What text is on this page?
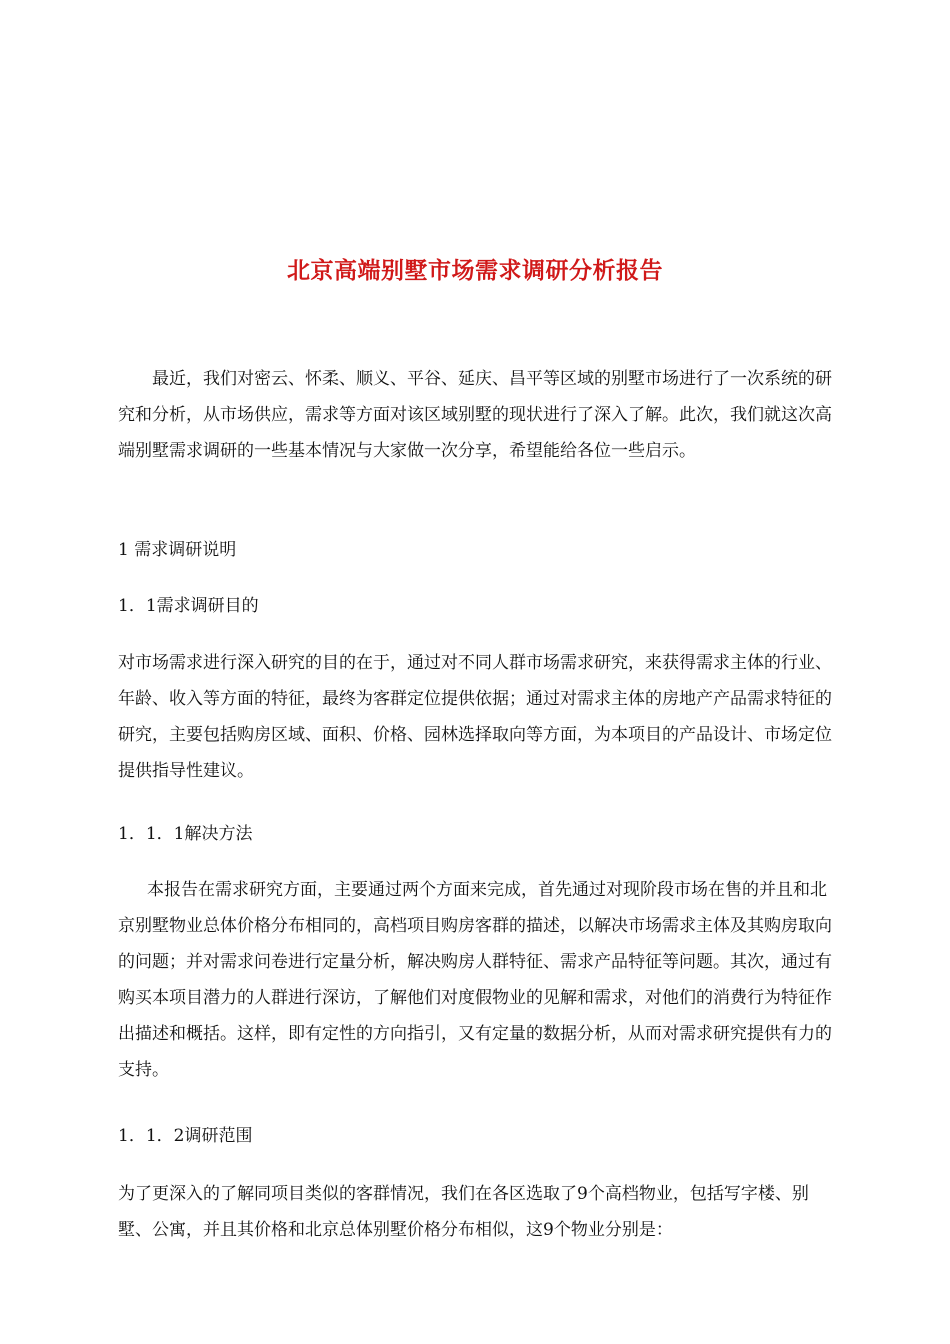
北京高端别墅市场需求调研分析报告
最近，我们对密云、怀柔、顺义、平谷、延庆、昌平等区域的别墅市场进行了一次系统的研究和分析，从市场供应，需求等方面对该区域别墅的现状进行了深入了解。此次，我们就这次高端别墅需求调研的一些基本情况与大家做一次分享，希望能给各位一些启示。
1 需求调研说明
1．1需求调研目的
对市场需求进行深入研究的目的在于，通过对不同人群市场需求研究，来获得需求主体的行业、年龄、收入等方面的特征，最终为客群定位提供依据；通过对需求主体的房地产产品需求特征的研究，主要包括购房区域、面积、价格、园林选择取向等方面，为本项目的产品设计、市场定位提供指导性建议。
1．1．1解决方法
本报告在需求研究方面，主要通过两个方面来完成，首先通过对现阶段市场在售的并且和北京别墅物业总体价格分布相同的，高档项目购房客群的描述，以解决市场需求主体及其购房取向的问题；并对需求问卷进行定量分析，解决购房人群特征、需求产品特征等问题。其次，通过有购买本项目潜力的人群进行深访，了解他们对度假物业的见解和需求，对他们的消费行为特征作出描述和概括。这样，即有定性的方向指引，又有定量的数据分析，从而对需求研究提供有力的支持。
1．1．2调研范围
为了更深入的了解同项目类似的客群情况，我们在各区选取了9个高档物业，包括写字楼、别墅、公寓，并且其价格和北京总体别墅价格分布相似，这9个物业分别是：
